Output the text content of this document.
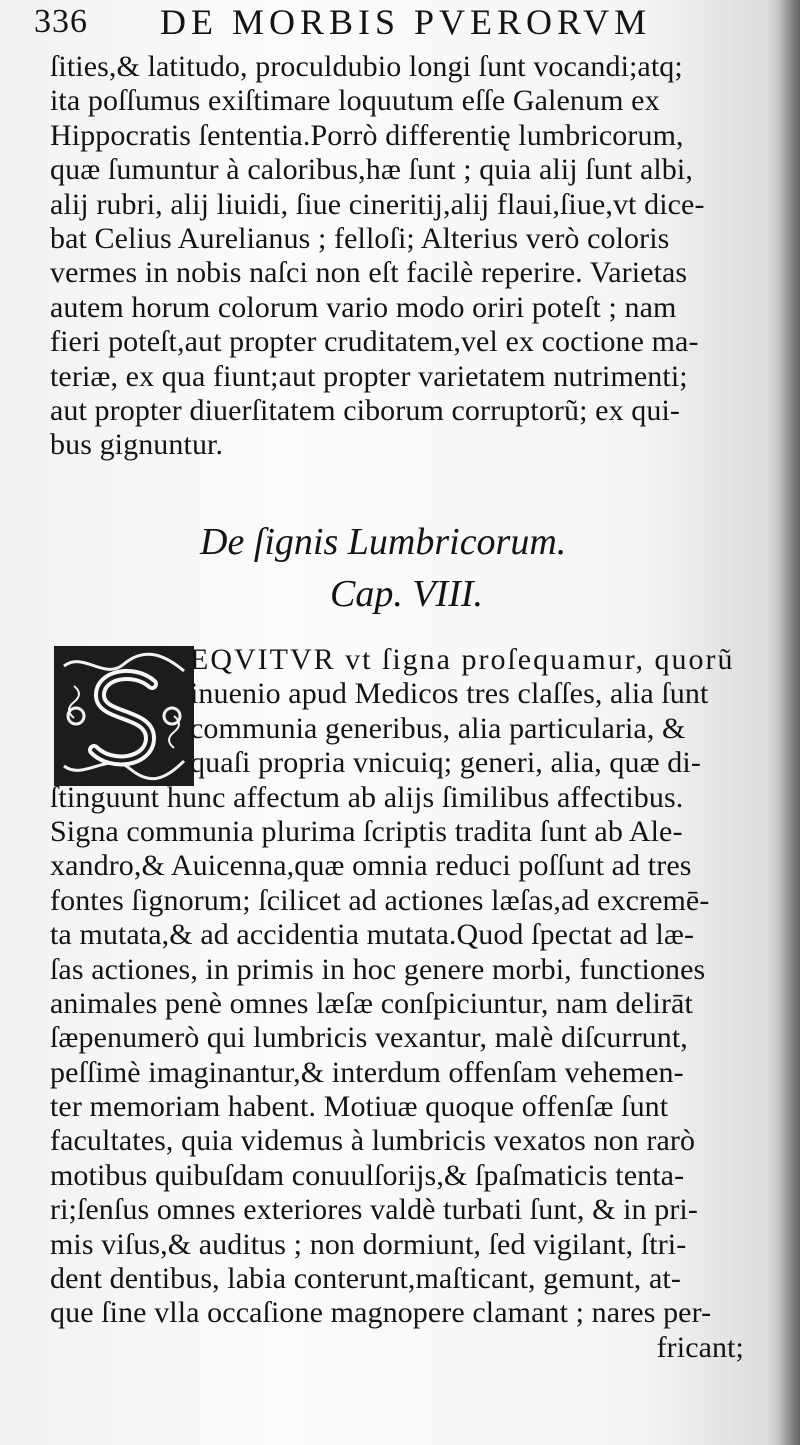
336	DE MORBIS PVERORVM
ſities,& latitudo, proculdubio longi ſunt vocandi;atq;
ita poſſumus exiſtimare loquutum eſſe Galenum ex
Hippocratis ſententia.Porrò differentię lumbricorum,
quæ ſumuntur à caloribus,hæ ſunt ; quia alij ſunt albi,
alij rubri, alij liuidi, ſiue cineritij,alij flaui,ſiue,vt dice-
bat Celius Aurelianus ; felloſi; Alterius verò coloris
vermes in nobis naſci non eſt facilè reperire. Varietas
autem horum colorum vario modo oriri poteſt ; nam
fieri poteſt,aut propter cruditatem,vel ex coctione ma-
teriæ, ex qua fiunt;aut propter varietatem nutrimenti;
aut propter diuerſitatem ciborum corruptorũ; ex qui-
bus gignuntur.
De ſignis Lumbricorum.
Cap. VIII.
EQVITVR vt ſigna proſequamur, quorũ
inuenio apud Medicos tres claſſes, alia ſunt
communia generibus, alia particularia, &
quaſi propria vnicuiq; generi, alia, quæ di-
ſtinguunt hunc affectum ab alijs ſimilibus affectibus.
Signa communia plurima ſcriptis tradita ſunt ab Ale-
xandro,& Auicenna,quæ omnia reduci poſſunt ad tres
fontes ſignorum; ſcilicet ad actiones læſas,ad excremē-
ta mutata,& ad accidentia mutata.Quod ſpectat ad læ-
ſas actiones, in primis in hoc genere morbi, functiones
animales penè omnes læſæ conſpiciuntur, nam delirāt
ſæpenumerò qui lumbricis vexantur, malè diſcurrunt,
peſſimè imaginantur,& interdum offenſam vehemen-
ter memoriam habent. Motiuæ quoque offenſæ ſunt
facultates, quia videmus à lumbricis vexatos non rarò
motibus quibuſdam conuulſorijs,& ſpaſmaticis tenta-
ri;ſenſus omnes exteriores valdè turbati ſunt, & in pri-
mis viſus,& auditus ; non dormiunt, ſed vigilant, ſtri-
dent dentibus, labia conterunt,maſticant, gemunt, at-
que ſine vlla occaſione magnopere clamant ; nares per-
fricant;
